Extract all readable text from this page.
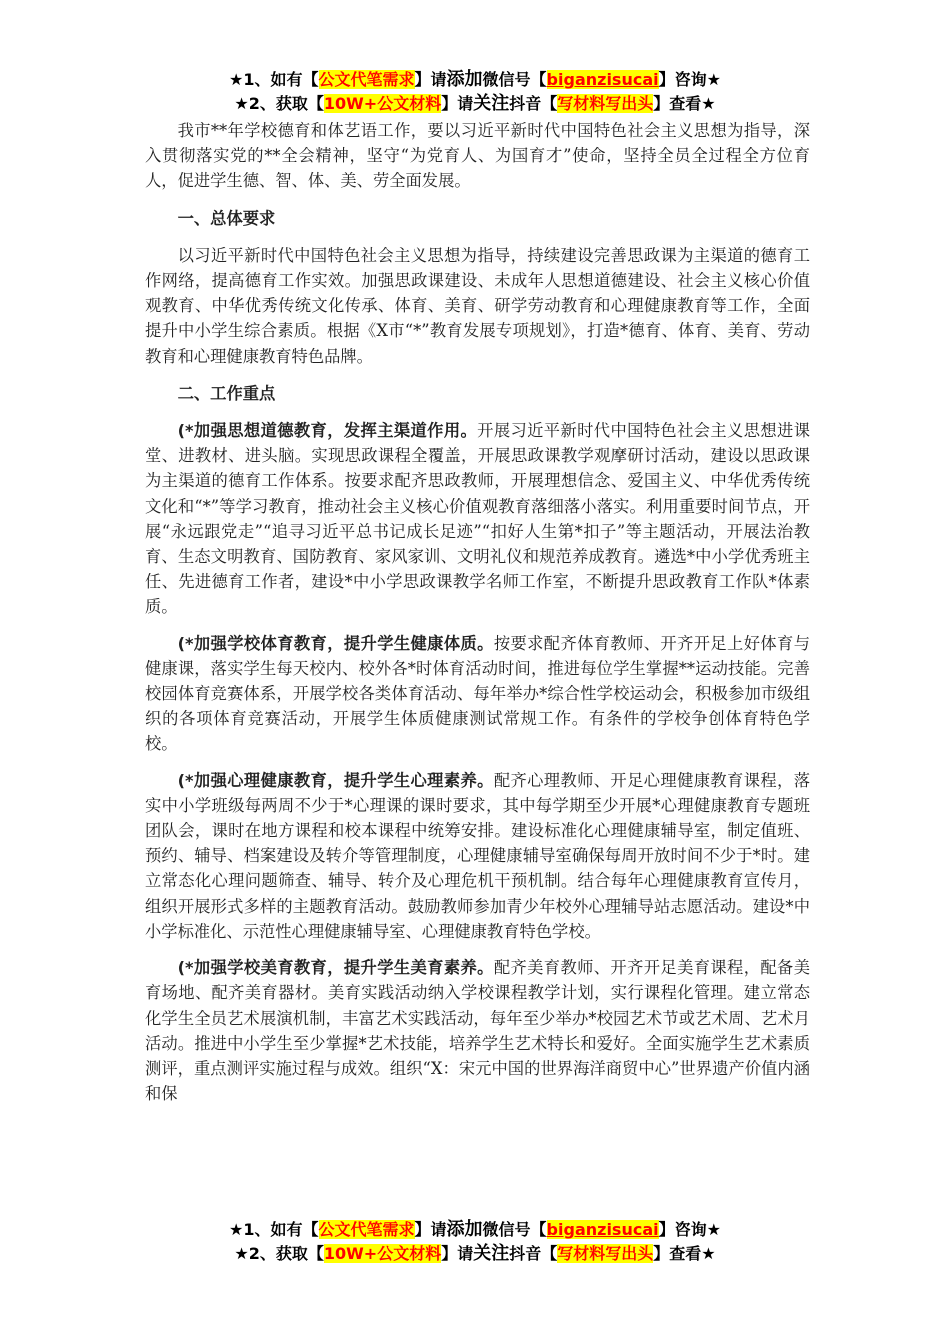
★1、如有【公文代笔需求】请添加微信号【biganzisucai】咨询★
★2、获取【10W+公文材料】请关注抖音【写材料写出头】查看★

我市**年学校德育和体艺语工作，要以习近平新时代中国特色社会主义思想为指导，深入贯彻落实党的**全会精神，坚守“为党育人、为国育才”使命，坚持全员全过程全方位育人，促进学生德、智、体、美、劳全面发展。

一、总体要求

以习近平新时代中国特色社会主义思想为指导，持续建设完善思政课为主渠道的德育工作网络，提高德育工作实效。加强思政课建设、未成年人思想道德建设、社会主义核心价值观教育、中华优秀传统文化传承、体育、美育、研学劳动教育和心理健康教育等工作，全面提升中小学生综合素质。根据《X市“*”教育发展专项规划》，打造*德育、体育、美育、劳动教育和心理健康教育特色品牌。

二、工作重点

(*加强思想道德教育，发挥主渠道作用。开展习近平新时代中国特色社会主义思想进课堂、进教材、进头脑。实现思政课程全覆盖，开展思政课教学观摩研讨活动，建设以思政课为主渠道的德育工作体系。按要求配齐思政教师，开展理想信念、爱国主义、中华优秀传统文化和“*”等学习教育，推动社会主义核心价值观教育落细落小落实。利用重要时间节点，开展“永远跟党走”“追寻习近平总书记成长足迹”“扣好人生第*扣子”等主题活动，开展法治教育、生态文明教育、国防教育、家风家训、文明礼仪和规范养成教育。遴选*中小学优秀班主任、先进德育工作者，建设*中小学思政课教学名师工作室，不断提升思政教育工作队*体素质。

(*加强学校体育教育，提升学生健康体质。按要求配齐体育教师、开齐开足上好体育与健康课，落实学生每天校内、校外各*时体育活动时间，推进每位学生掌握**运动技能。完善校园体育竞赛体系，开展学校各类体育活动、每年举办*综合性学校运动会，积极参加市级组织的各项体育竞赛活动，开展学生体质健康测试常规工作。有条件的学校争创体育特色学校。

(*加强心理健康教育，提升学生心理素养。配齐心理教师、开足心理健康教育课程，落实中小学班级每两周不少于*心理课的课时要求，其中每学期至少开展*心理健康教育专题班团队会，课时在地方课程和校本课程中统筹安排。建设标准化心理健康辅导室，制定值班、预约、辅导、档案建设及转介等管理制度，心理健康辅导室确保每周开放时间不少于*时。建立常态化心理问题筛查、辅导、转介及心理危机干预机制。结合每年心理健康教育宣传月，组织开展形式多样的主题教育活动。鼓励教师参加青少年校外心理辅导站志愿活动。建设*中小学标准化、示范性心理健康辅导室、心理健康教育特色学校。

(*加强学校美育教育，提升学生美育素养。配齐美育教师、开齐开足美育课程，配备美育场地、配齐美育器材。美育实践活动纳入学校课程教学计划，实行课程化管理。建立常态化学生全员艺术展演机制，丰富艺术实践活动，每年至少举办*校园艺术节或艺术周、艺术月活动。推进中小学生至少掌握*艺术技能，培养学生艺术特长和爱好。全面实施学生艺术素质测评，重点测评实施过程与成效。组织“X：宋元中国的世界海洋商贸中心”世界遗产价值内涵和保

★1、如有【公文代笔需求】请添加微信号【biganzisucai】咨询★
★2、获取【10W+公文材料】请关注抖音【写材料写出头】查看★
